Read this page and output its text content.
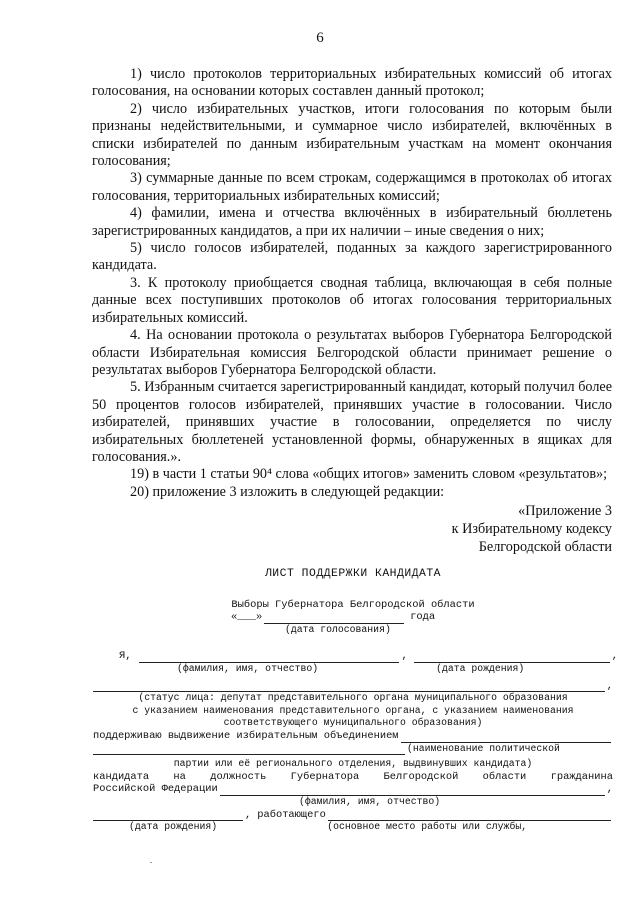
6

1) число протоколов территориальных избирательных комиссий об итогах голосования, на основании которых составлен данный протокол;

2) число избирательных участков, итоги голосования по которым были признаны недействительными, и суммарное число избирателей, включённых в списки избирателей по данным избирательным участкам на момент окончания голосования;

3) суммарные данные по всем строкам, содержащимся в протоколах об итогах голосования, территориальных избирательных комиссий;

4) фамилии, имена и отчества включённых в избирательный бюллетень зарегистрированных кандидатов, а при их наличии – иные сведения о них;

5) число голосов избирателей, поданных за каждого зарегистрированного кандидата.

3. К протоколу приобщается сводная таблица, включающая в себя полные данные всех поступивших протоколов об итогах голосования территориальных избирательных комиссий.

4. На основании протокола о результатах выборов Губернатора Белгородской области Избирательная комиссия Белгородской области принимает решение о результатах выборов Губернатора Белгородской области.

5. Избранным считается зарегистрированный кандидат, который получил более 50 процентов голосов избирателей, принявших участие в голосовании. Число избирателей, принявших участие в голосовании, определяется по числу избирательных бюллетеней установленной формы, обнаруженных в ящиках для голосования.».

19) в части 1 статьи 90⁴ слова «общих итогов» заменить словом «результатов»;

20) приложение 3 изложить в следующей редакции:

«Приложение 3
к Избирательному кодексу
Белгородской области
ЛИСТ ПОДДЕРЖКИ КАНДИДАТА
Выборы Губернатора Белгородской области
«___»	года
(дата голосования)
Я,	,	,
(фамилия, имя, отчество)	(дата рождения)
,
(статус лица: депутат представительного органа муниципального образования
с указанием наименования представительного органа, с указанием наименования
соответствующего муниципального образования)
поддерживаю выдвижение избирательным объединением
(наименование политической
партии или её регионального отделения, выдвинувших кандидата)
кандидата на должность Губернатора Белгородской области гражданина
Российской Федерации	,
(фамилия, имя, отчество)
, работающего
(дата рождения)	(основное место работы или службы,
